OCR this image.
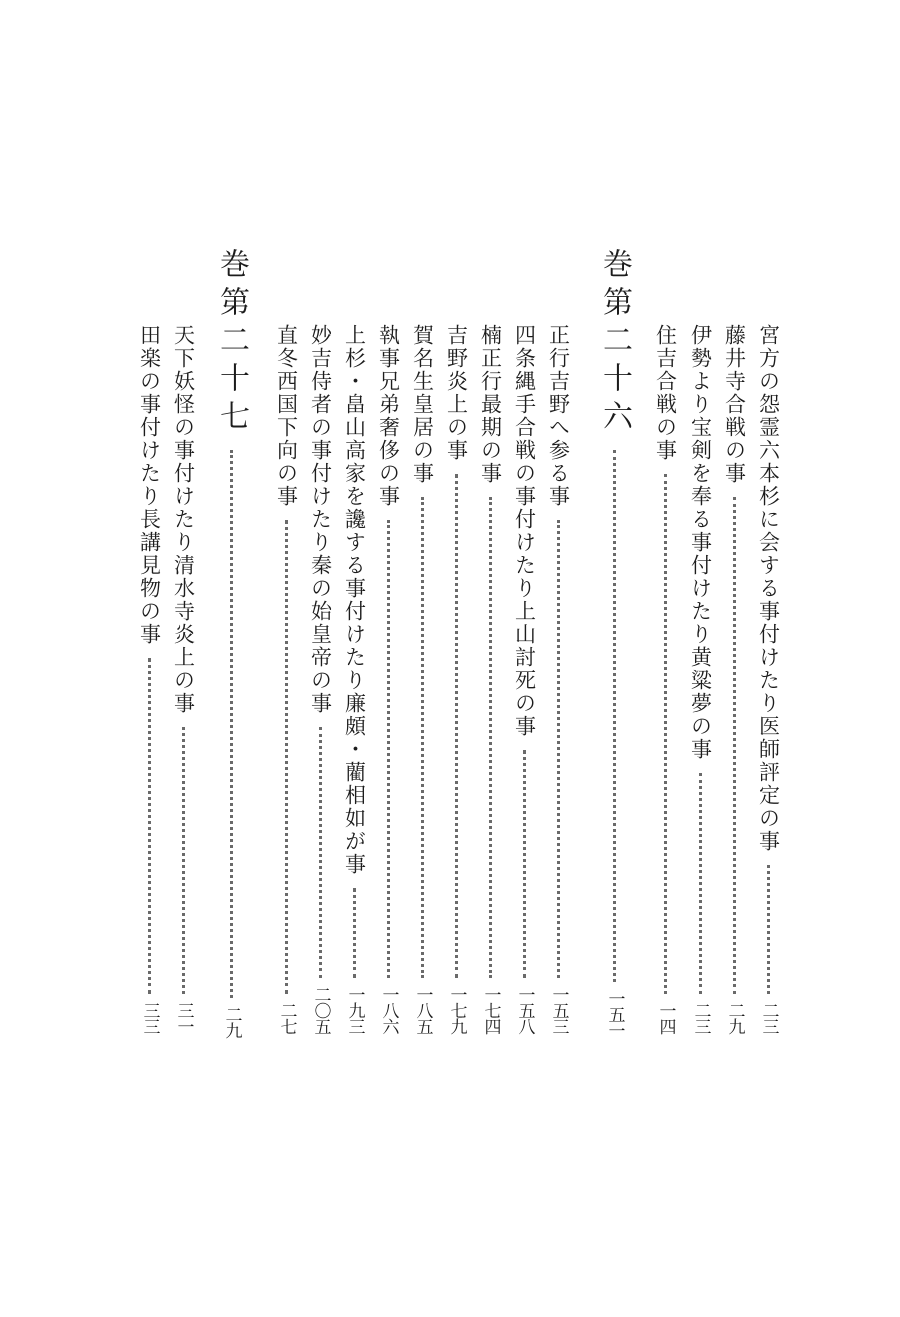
宮方の怨霊六本杉に会する事付けたり医師評定の事
二三
藤井寺合戦の事
二九
伊勢より宝剣を奉る事付けたり黄粱夢の事
二三
住吉合戦の事
一四
巻第二十六
一五一
正行吉野へ参る事
一五三
四条縄手合戦の事付けたり上山討死の事
一五八
楠正行最期の事
一七四
吉野炎上の事
一七九
賀名生皇居の事
一八五
執事兄弟奢侈の事
一八六
上杉・畠山高家を讒する事付けたり廉頗・藺相如が事
一九三
妙吉侍者の事付けたり秦の始皇帝の事
二〇五
直冬西国下向の事
二七
巻第二十七
二九
天下妖怪の事付けたり清水寺炎上の事
三一
田楽の事付けたり長講見物の事
三三
